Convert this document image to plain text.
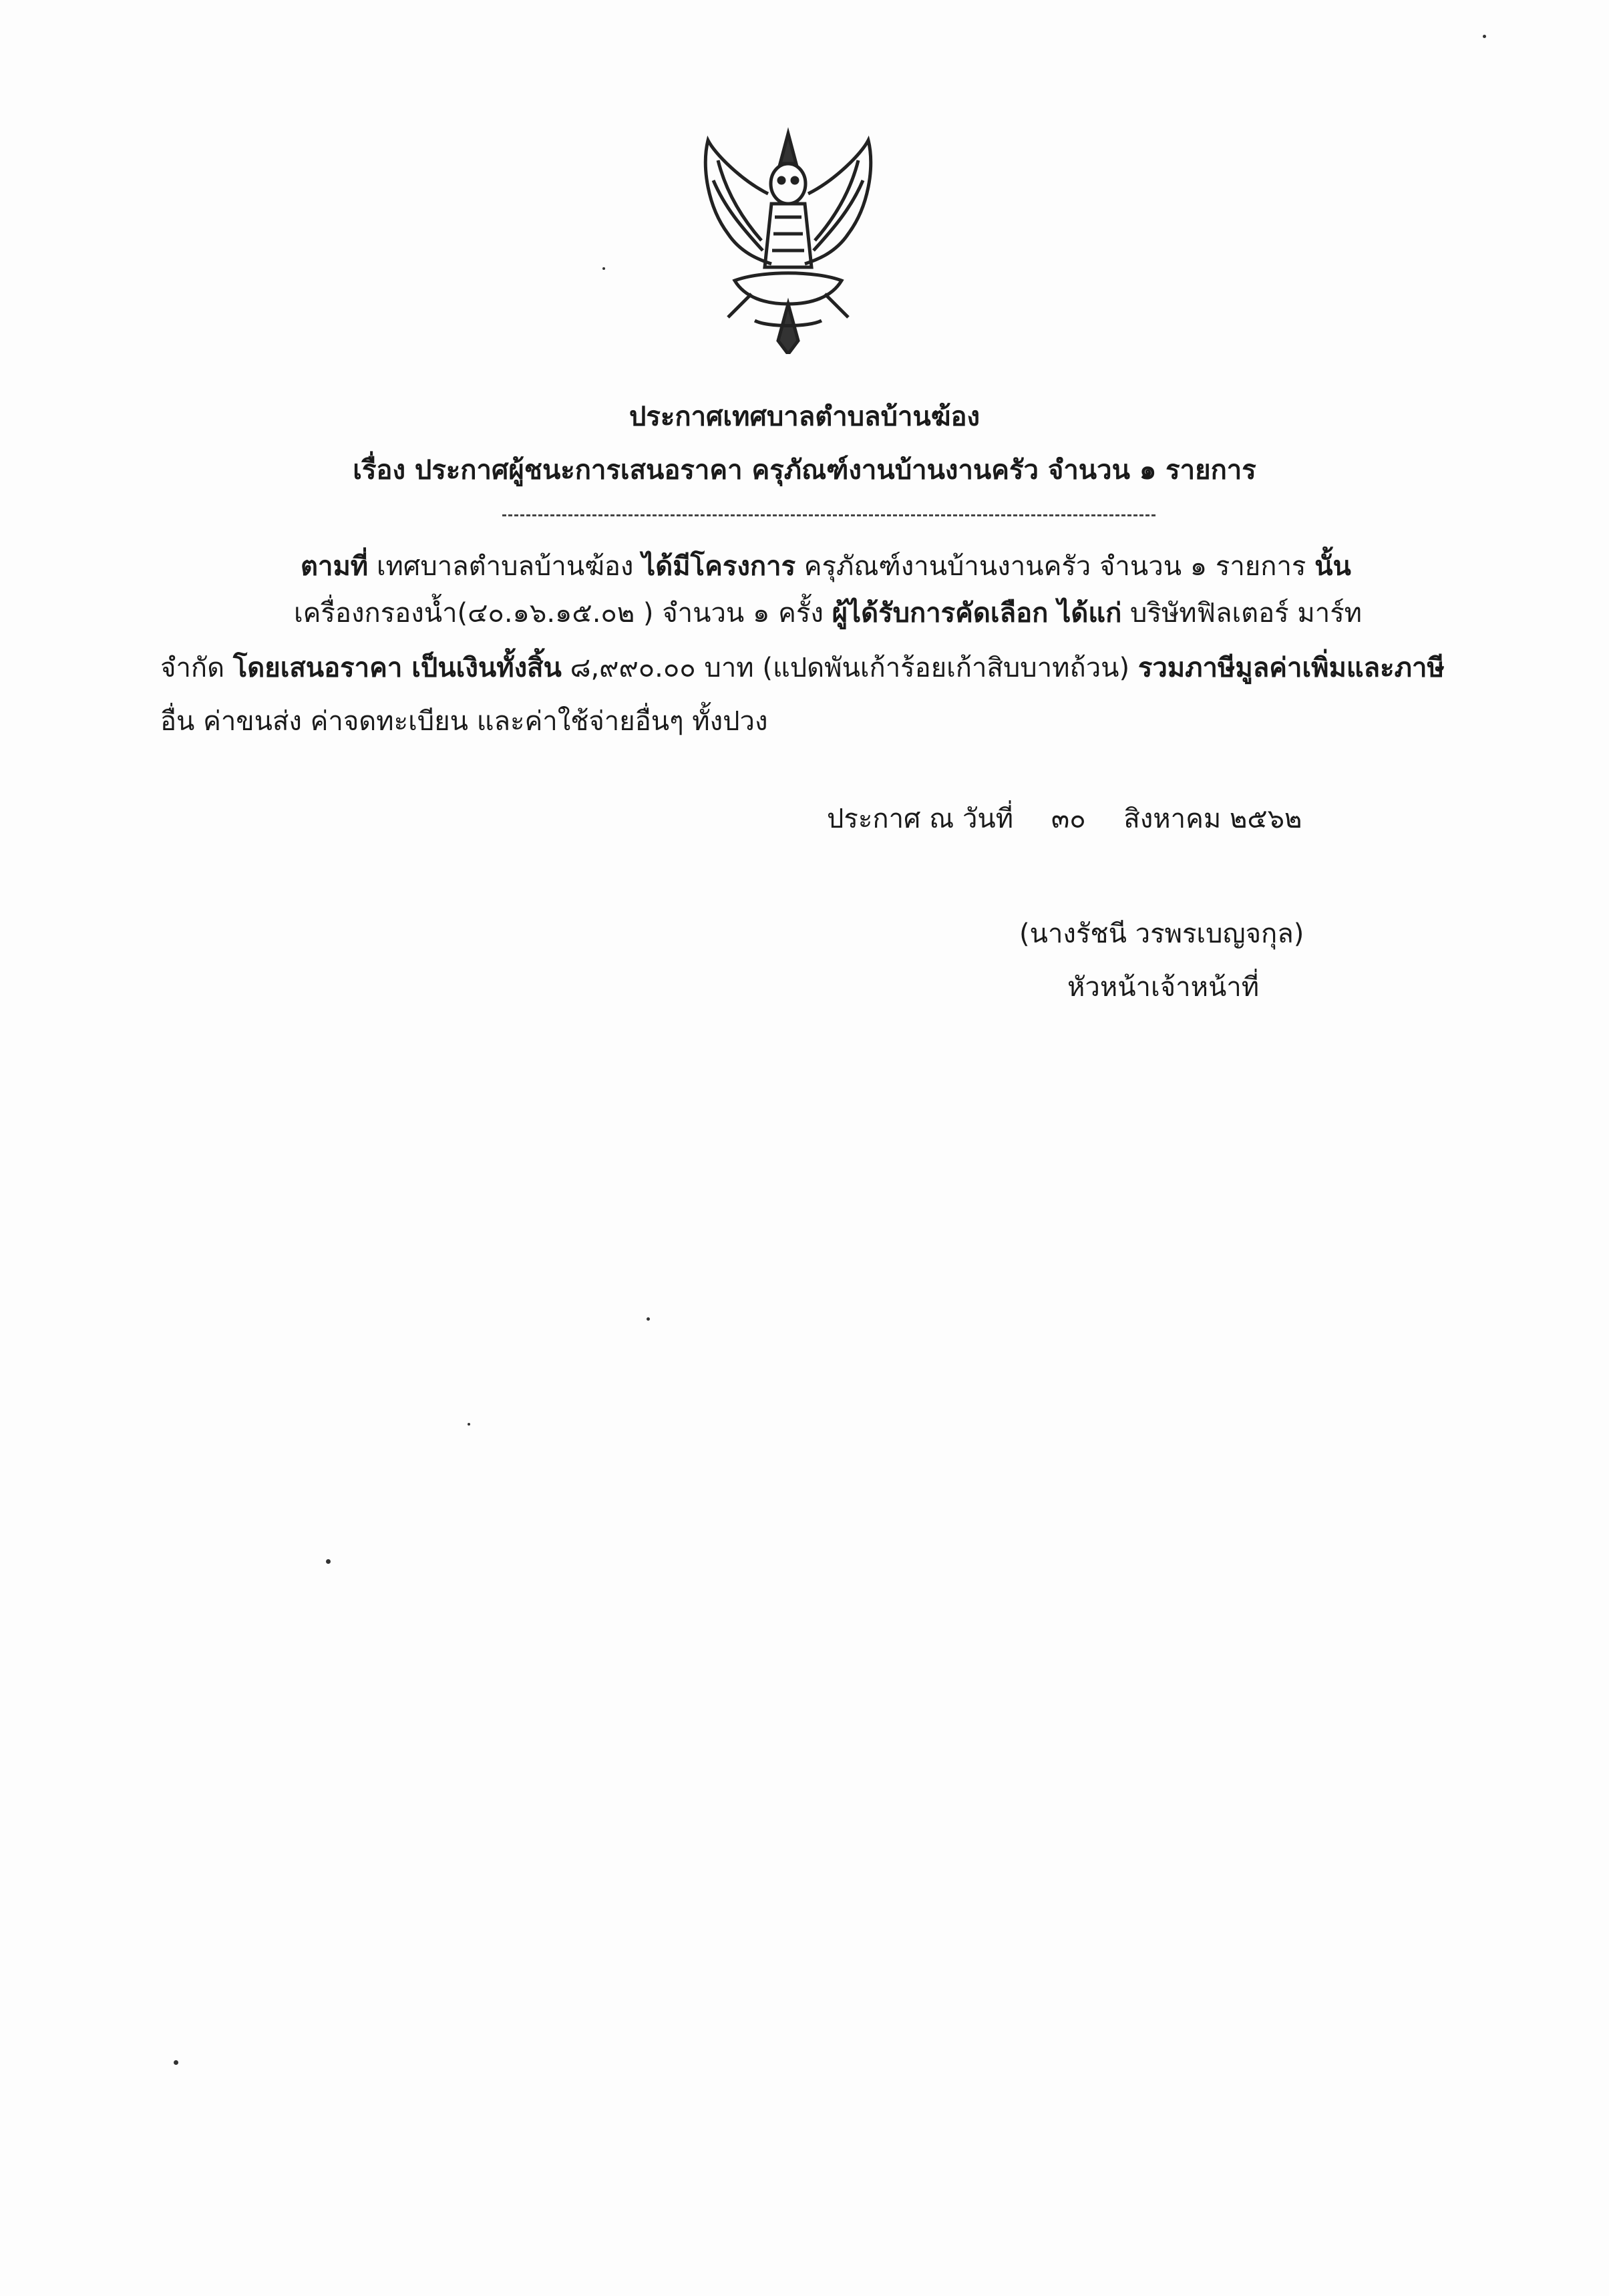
ประกาศเทศบาลตำบลบ้านฆ้อง
เรื่อง ประกาศผู้ชนะการเสนอราคา ครุภัณฑ์งานบ้านงานครัว จำนวน ๑ รายการ
ตามที่ เทศบาลตำบลบ้านฆ้อง ได้มีโครงการ ครุภัณฑ์งานบ้านงานครัว จำนวน ๑ รายการ นั้น
เครื่องกรองน้ำ(๔๐.๑๖.๑๕.๐๒ ) จำนวน ๑ ครั้ง ผู้ได้รับการคัดเลือก ได้แก่ บริษัทฟิลเตอร์ มาร์ท
จำกัด โดยเสนอราคา เป็นเงินทั้งสิ้น ๘,๙๙๐.๐๐ บาท (แปดพันเก้าร้อยเก้าสิบบาทถ้วน) รวมภาษีมูลค่าเพิ่มและภาษี
อื่น ค่าขนส่ง ค่าจดทะเบียน และค่าใช้จ่ายอื่นๆ ทั้งปวง
ประกาศ ณ วันที่ ๓๐ สิงหาคม ๒๕๖๒
(นางรัชนี วรพรเบญจกุล)
หัวหน้าเจ้าหน้าที่
